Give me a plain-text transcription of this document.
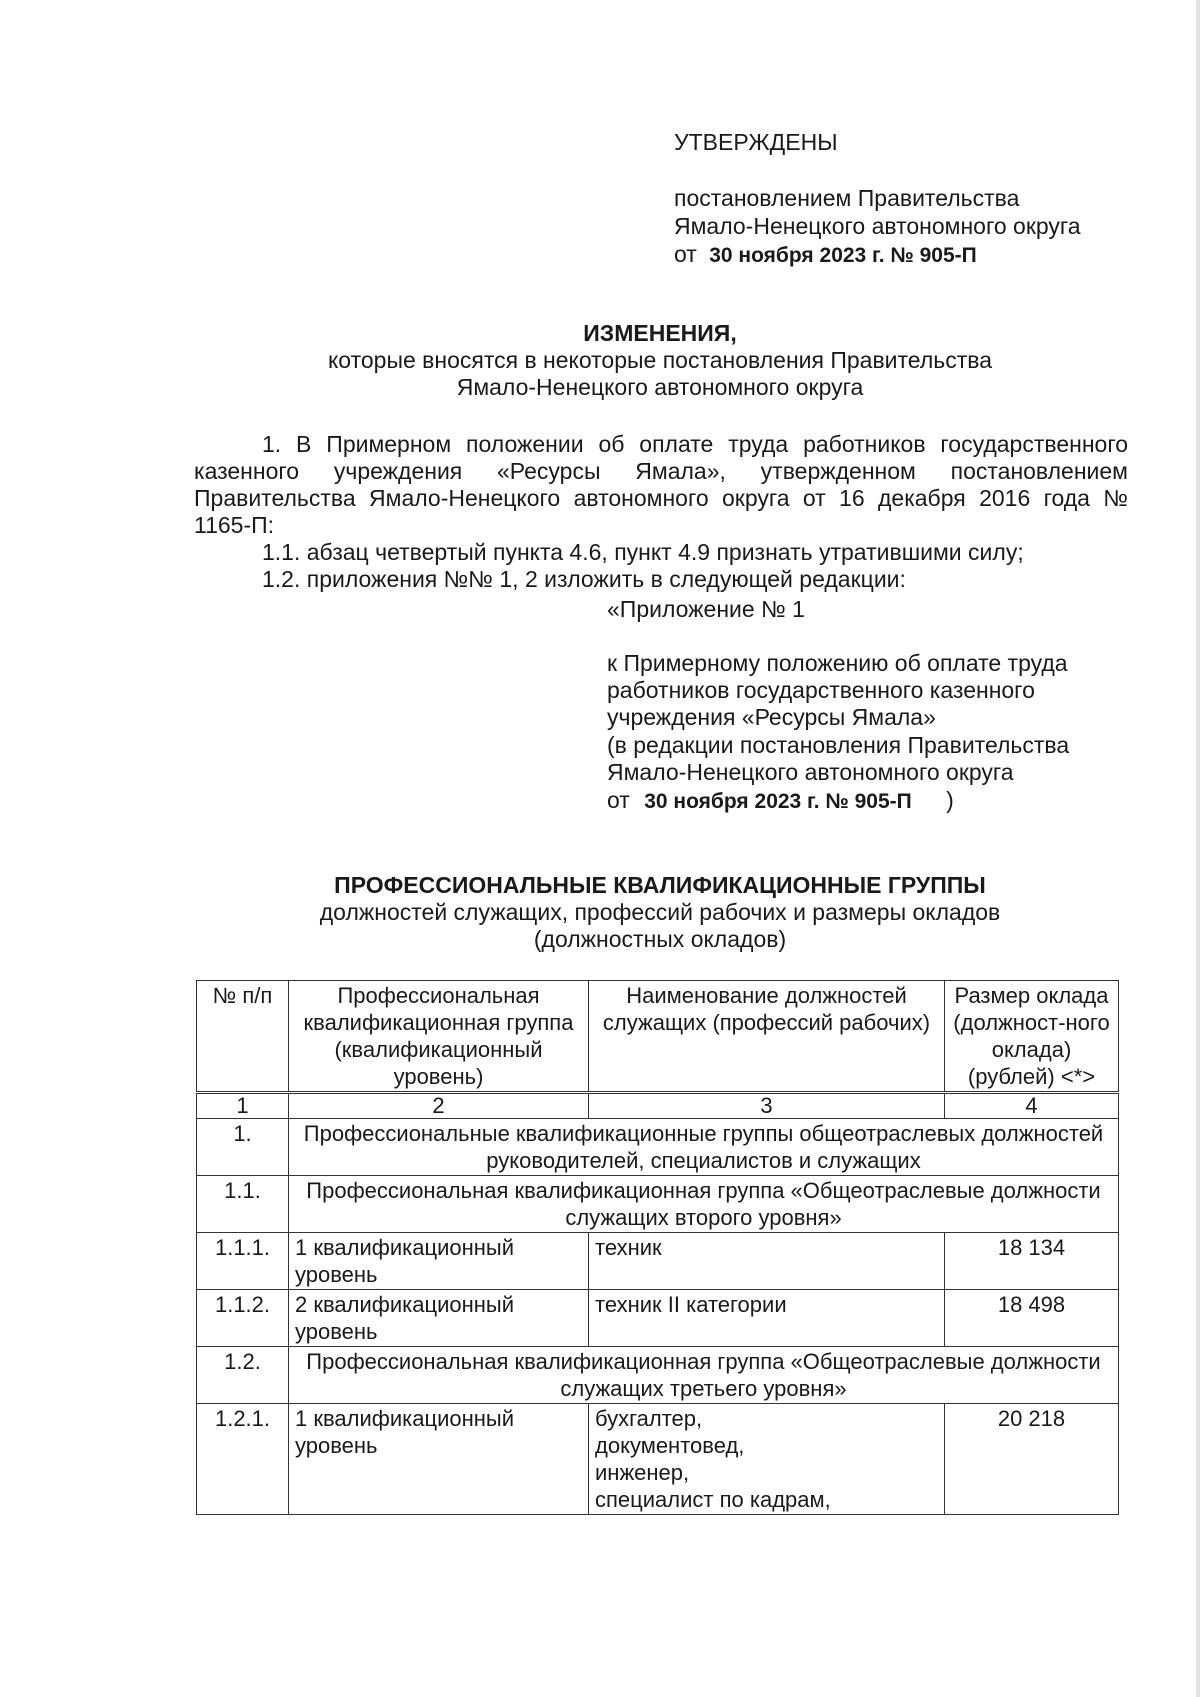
УТВЕРЖДЕНЫ
постановлением Правительства
Ямало-Ненецкого автономного округа
от 30 ноября 2023 г. № 905-П
ИЗМЕНЕНИЯ,
которые вносятся в некоторые постановления Правительства
Ямало-Ненецкого автономного округа
1. В Примерном положении об оплате труда работников государственного казенного учреждения «Ресурсы Ямала», утвержденном постановлением Правительства Ямало-Ненецкого автономного округа от 16 декабря 2016 года № 1165-П:
1.1. абзац четвертый пункта 4.6, пункт 4.9 признать утратившими силу;
1.2. приложения №№ 1, 2 изложить в следующей редакции:
«Приложение № 1
к Примерному положению об оплате труда
работников государственного казенного
учреждения «Ресурсы Ямала»
(в редакции постановления Правительства
Ямало-Ненецкого автономного округа
от 30 ноября 2023 г. № 905-П )
ПРОФЕССИОНАЛЬНЫЕ КВАЛИФИКАЦИОННЫЕ ГРУППЫ
должностей служащих, профессий рабочих и размеры окладов
(должностных окладов)
№ п/п	Профессиональная квалификационная группа (квалификационный уровень)	Наименование должностей служащих (профессий рабочих)	Размер оклада (должност-ного оклада) (рублей) <*>
1	2	3	4
1.	Профессиональные квалификационные группы общеотраслевых должностей руководителей, специалистов и служащих		
1.1.	Профессиональная квалификационная группа «Общеотраслевые должности служащих второго уровня»		
1.1.1.	1 квалификационный уровень	техник	18 134
1.1.2.	2 квалификационный уровень	техник II категории	18 498
1.2.	Профессиональная квалификационная группа «Общеотраслевые должности служащих третьего уровня»		
1.2.1.	1 квалификационный уровень	бухгалтер,
документовед,
инженер,
специалист по кадрам,	20 218
